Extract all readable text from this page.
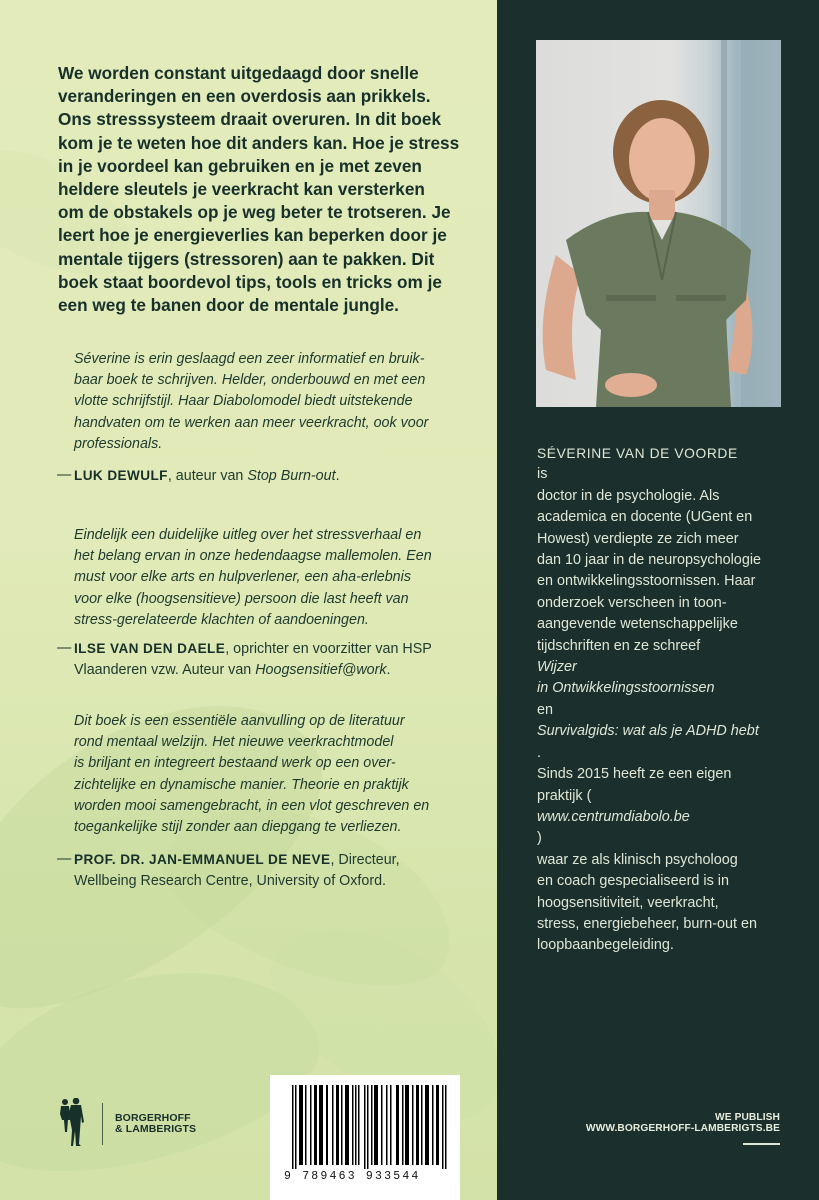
We worden constant uitgedaagd door snelle
veranderingen en een overdosis aan prikkels.
Ons stresssysteem draait overuren. In dit boek
kom je te weten hoe dit anders kan. Hoe je stress
in je voordeel kan gebruiken en je met zeven
heldere sleutels je veerkracht kan versterken
om de obstakels op je weg beter te trotseren. Je
leert hoe je energieverlies kan beperken door je
mentale tijgers (stressoren) aan te pakken. Dit
boek staat boordevol tips, tools en tricks om je
een weg te banen door de mentale jungle.
Séverine is erin geslaagd een zeer informatief en bruik-
baar boek te schrijven. Helder, onderbouwd en met een
vlotte schrijfstijl. Haar Diabolomodel biedt uitstekende
handvaten om te werken aan meer veerkracht, ook voor
professionals.
— LUK DEWULF, auteur van Stop Burn-out.
Eindelijk een duidelijke uitleg over het stressverhaal en
het belang ervan in onze hedendaagse mallemolen. Een
must voor elke arts en hulpverlener, een aha-erlebnis
voor elke (hoogsensitieve) persoon die last heeft van
stress-gerelateerde klachten of aandoeningen.
— ILSE VAN DEN DAELE, oprichter en voorzitter van HSP
Vlaanderen vzw. Auteur van Hoogsensitief@work.
Dit boek is een essentiële aanvulling op de literatuur
rond mentaal welzijn. Het nieuwe veerkrachtmodel
is briljant en integreert bestaand werk op een over-
zichtelijke en dynamische manier. Theorie en praktijk
worden mooi samengebracht, in een vlot geschreven en
toegankelijke stijl zonder aan diepgang te verliezen.
— PROF. DR. JAN-EMMANUEL DE NEVE, Directeur,
Wellbeing Research Centre, University of Oxford.
BORGERHOFF
& LAMBERIGTS
9 789463 933544
SÉVERINE VAN DE VOORDE
is
doctor in de psychologie. Als
academica en docente (UGent en
Howest) verdiepte ze zich meer
dan 10 jaar in de neuropsychologie
en ontwikkelingsstoornissen. Haar
onderzoek verscheen in toon-
aangevende wetenschappelijke
tijdschriften en ze schreef
Wijzer
in Ontwikkelingsstoornissen
en
Survivalgids: wat als je ADHD hebt
.
Sinds 2015 heeft ze een eigen
praktijk (
www.centrumdiabolo.be
)
waar ze als klinisch psycholoog
en coach gespecialiseerd is in
hoogsensitiviteit, veerkracht,
stress, energiebeheer, burn-out en
loopbaanbegeleiding.
WE PUBLISH
WWW.BORGERHOFF-LAMBERIGTS.BE
